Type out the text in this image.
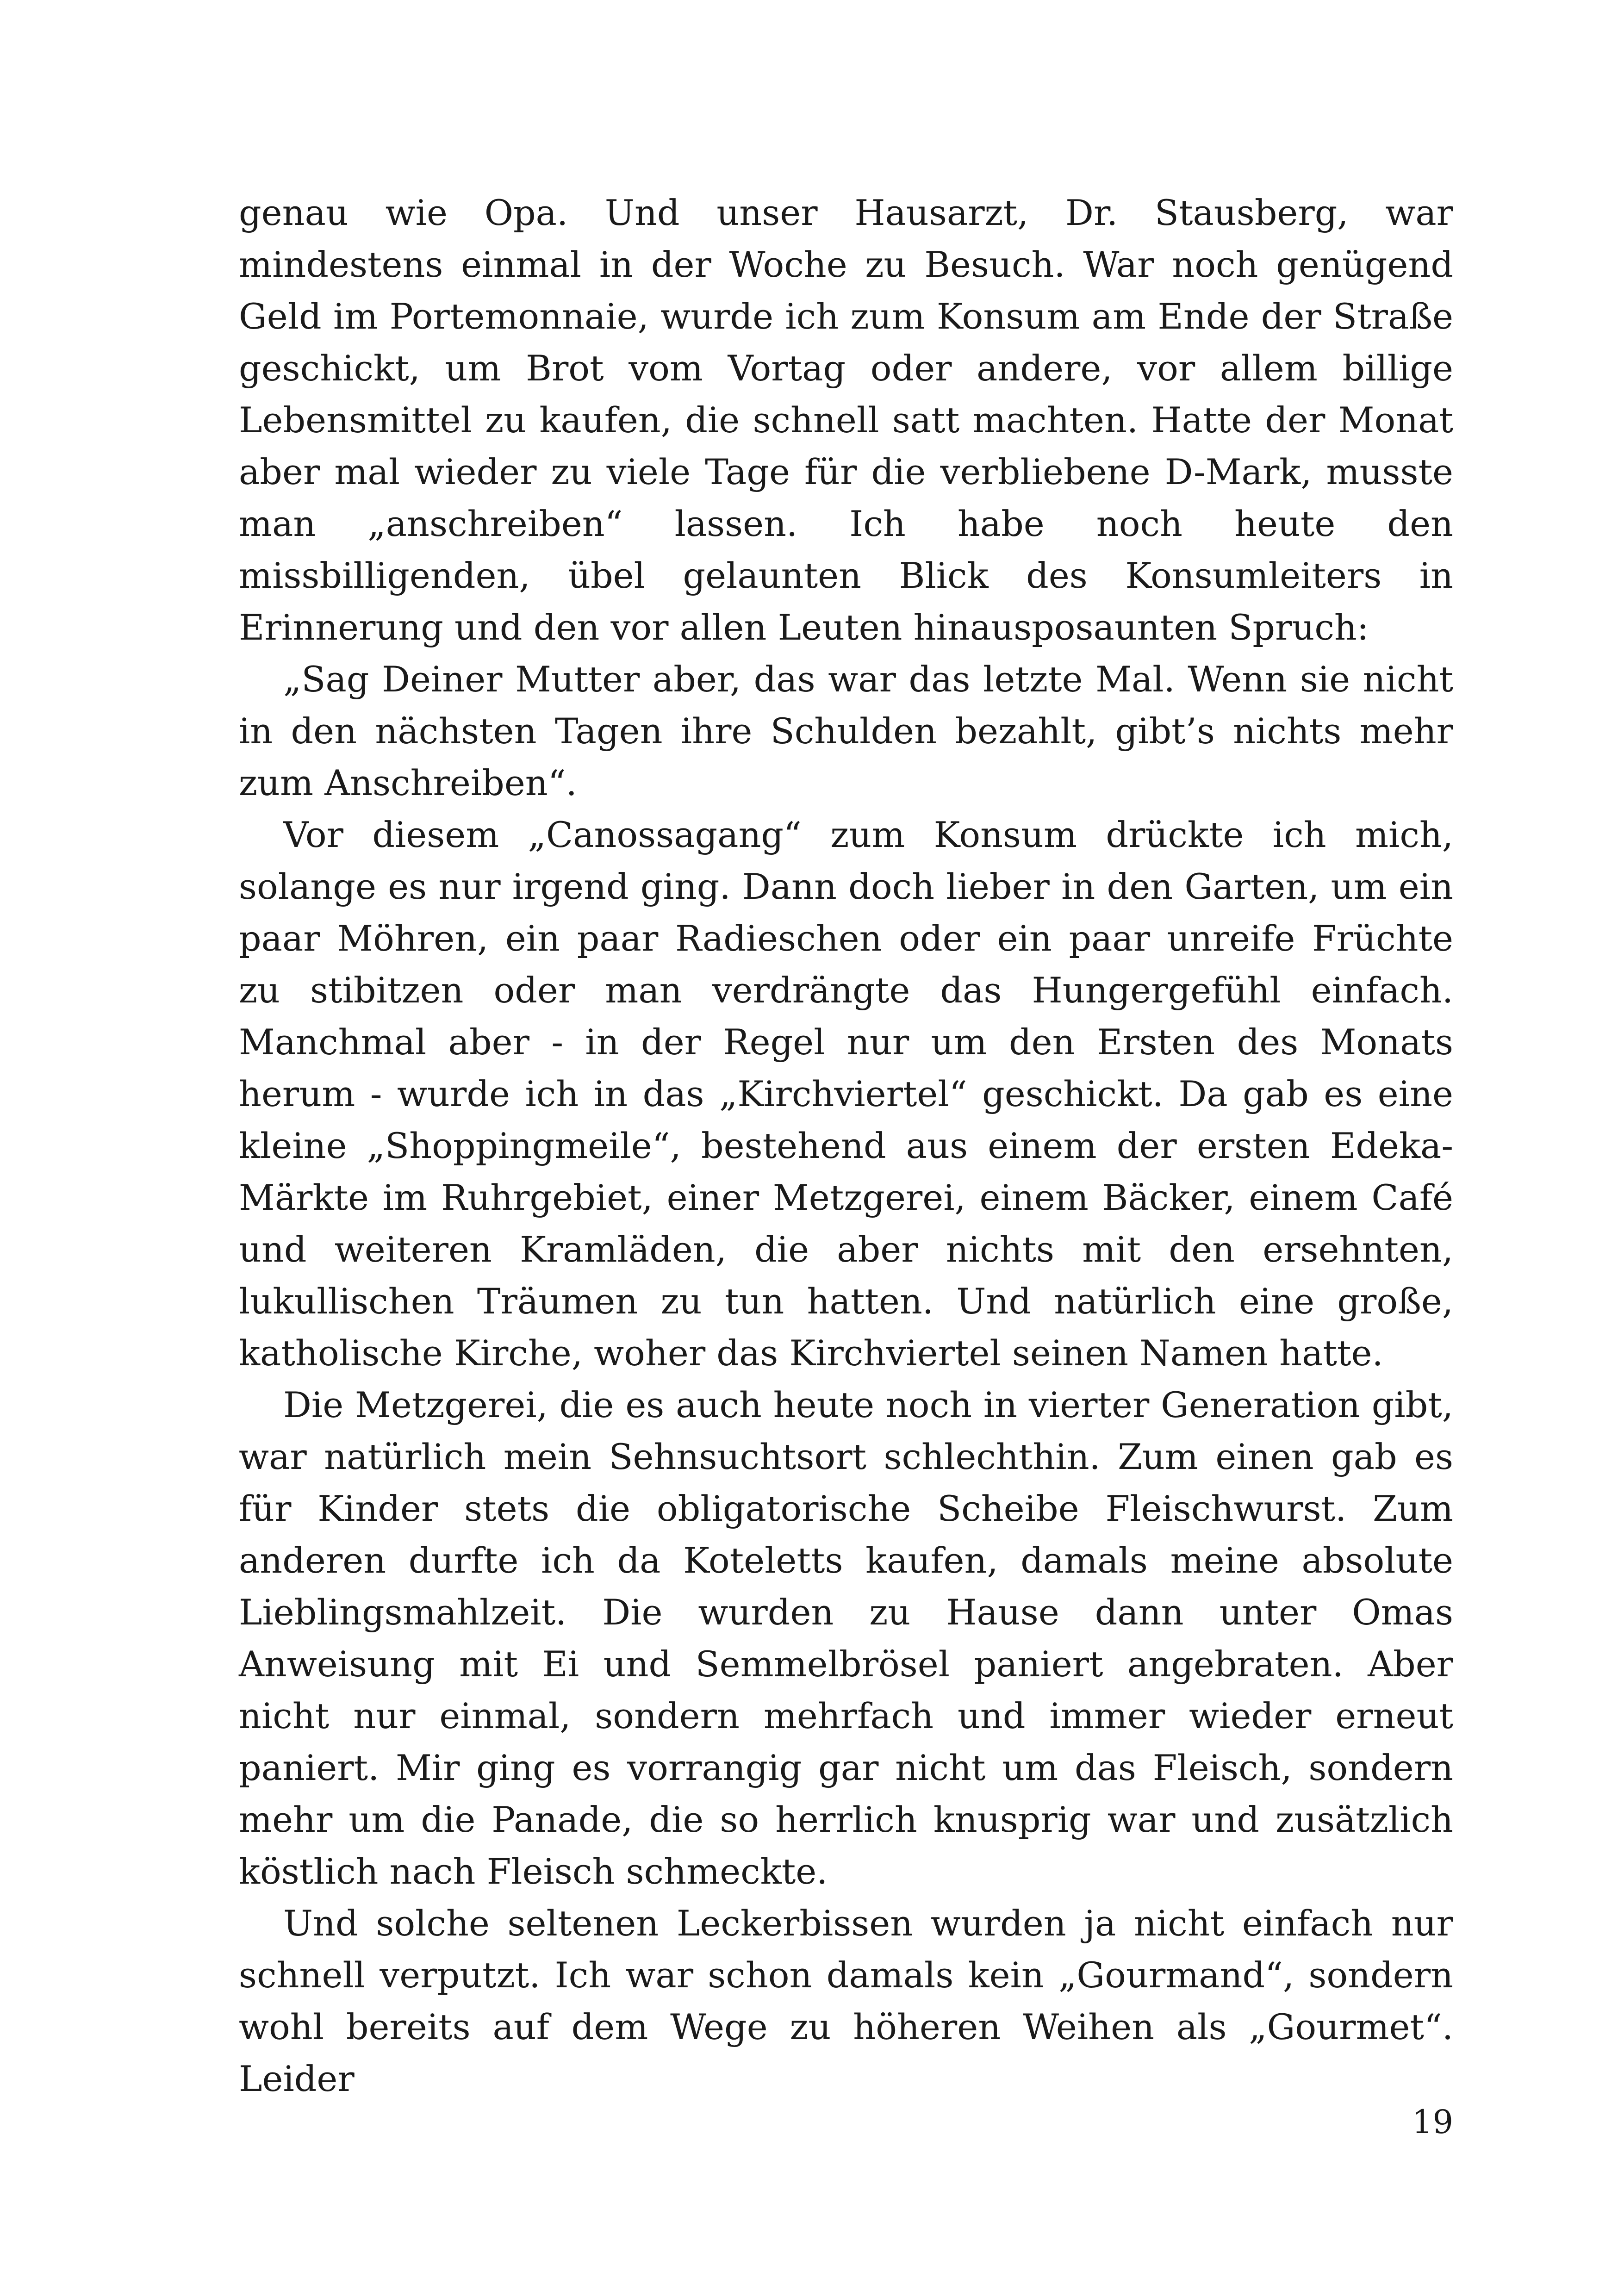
genau wie Opa. Und unser Hausarzt, Dr. Stausberg, war mindestens einmal in der Woche zu Besuch. War noch genügend Geld im Portemonnaie, wurde ich zum Konsum am Ende der Straße geschickt, um Brot vom Vortag oder andere, vor allem billige Lebensmittel zu kaufen, die schnell satt machten. Hatte der Monat aber mal wieder zu viele Tage für die verbliebene D-Mark, musste man „anschreiben“ lassen. Ich habe noch heute den missbilligenden, übel gelaunten Blick des Konsumleiters in Erinnerung und den vor allen Leuten hinausposaunten Spruch:

„Sag Deiner Mutter aber, das war das letzte Mal. Wenn sie nicht in den nächsten Tagen ihre Schulden bezahlt, gibt’s nichts mehr zum Anschreiben“.

Vor diesem „Canossagang“ zum Konsum drückte ich mich, solange es nur irgend ging. Dann doch lieber in den Garten, um ein paar Möhren, ein paar Radieschen oder ein paar unreife Früchte zu stibitzen oder man verdrängte das Hungergefühl einfach. Manchmal aber - in der Regel nur um den Ersten des Monats herum - wurde ich in das „Kirchviertel“ geschickt. Da gab es eine kleine „Shoppingmeile“, bestehend aus einem der ersten Edeka-Märkte im Ruhrgebiet, einer Metzgerei, einem Bäcker, einem Café und weiteren Kramläden, die aber nichts mit den ersehnten, lukullischen Träumen zu tun hatten. Und natürlich eine große, katholische Kirche, woher das Kirchviertel seinen Namen hatte.

Die Metzgerei, die es auch heute noch in vierter Generation gibt, war natürlich mein Sehnsuchtsort schlechthin. Zum einen gab es für Kinder stets die obligatorische Scheibe Fleischwurst. Zum anderen durfte ich da Koteletts kaufen, damals meine absolute Lieblingsmahlzeit. Die wurden zu Hause dann unter Omas Anweisung mit Ei und Semmelbrösel paniert angebraten. Aber nicht nur einmal, sondern mehrfach und immer wieder erneut paniert. Mir ging es vorrangig gar nicht um das Fleisch, sondern mehr um die Panade, die so herrlich knusprig war und zusätzlich köstlich nach Fleisch schmeckte.

Und solche seltenen Leckerbissen wurden ja nicht einfach nur schnell verputzt. Ich war schon damals kein „Gourmand“, sondern wohl bereits auf dem Wege zu höheren Weihen als „Gourmet“. Leider

19
